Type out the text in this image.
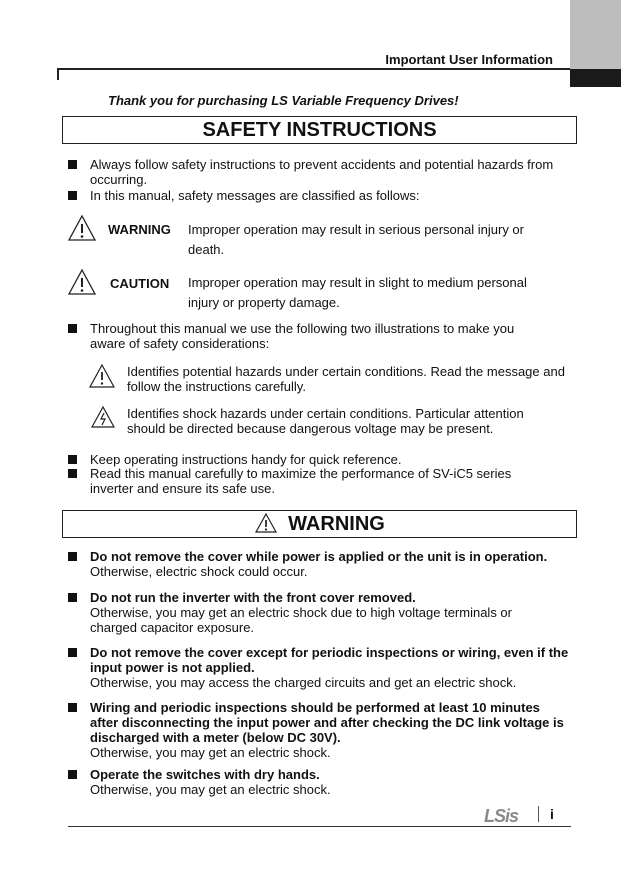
Important User Information
Thank you for purchasing LS Variable Frequency Drives!
SAFETY INSTRUCTIONS
Always follow safety instructions to prevent accidents and potential hazards from occurring.
In this manual, safety messages are classified as follows:
WARNING Improper operation may result in serious personal injury or death.
CAUTION Improper operation may result in slight to medium personal injury or property damage.
Throughout this manual we use the following two illustrations to make you aware of safety considerations:
Identifies potential hazards under certain conditions. Read the message and follow the instructions carefully.
Identifies shock hazards under certain conditions. Particular attention should be directed because dangerous voltage may be present.
Keep operating instructions handy for quick reference.
Read this manual carefully to maximize the performance of SV-iC5 series inverter and ensure its safe use.
WARNING
Do not remove the cover while power is applied or the unit is in operation.
Otherwise, electric shock could occur.
Do not run the inverter with the front cover removed.
Otherwise, you may get an electric shock due to high voltage terminals or charged capacitor exposure.
Do not remove the cover except for periodic inspections or wiring, even if the input power is not applied.
Otherwise, you may access the charged circuits and get an electric shock.
Wiring and periodic inspections should be performed at least 10 minutes after disconnecting the input power and after checking the DC link voltage is discharged with a meter (below DC 30V).
Otherwise, you may get an electric shock.
Operate the switches with dry hands.
Otherwise, you may get an electric shock.
LSis i
